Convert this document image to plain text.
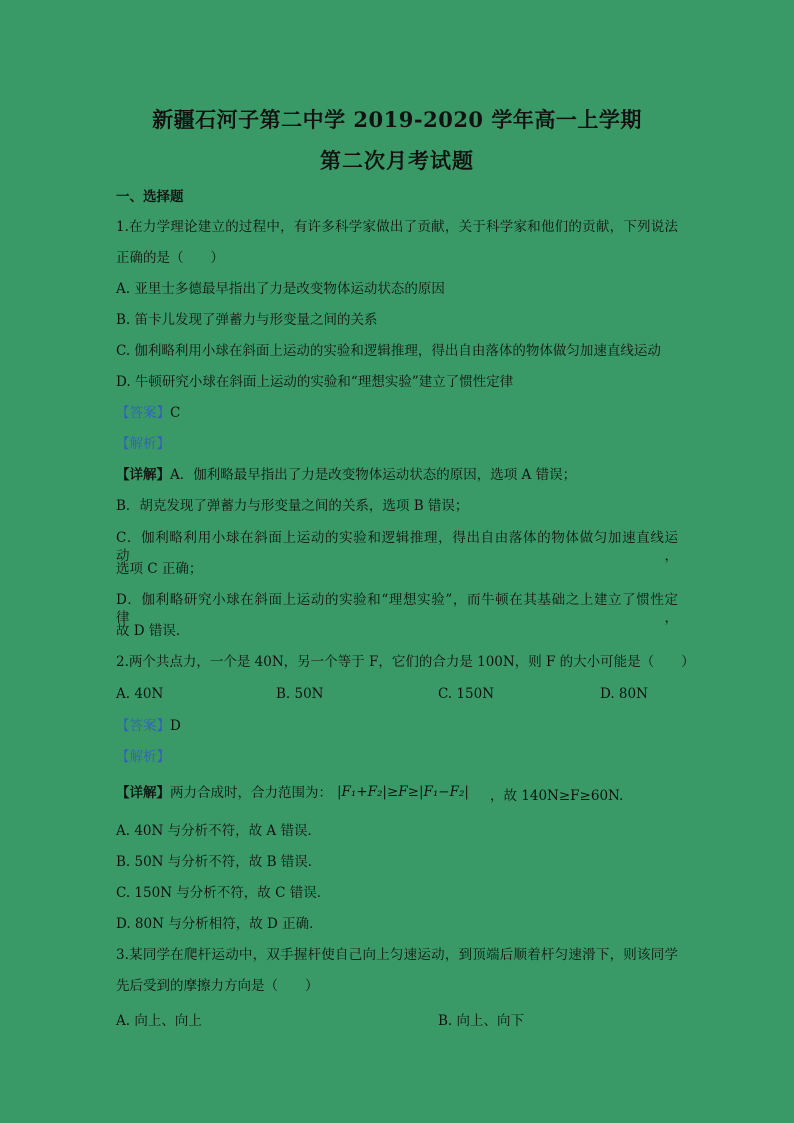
新疆石河子第二中学 2019-2020 学年高一上学期
第二次月考试题
一、选择题
1.在力学理论建立的过程中，有许多科学家做出了贡献，关于科学家和他们的贡献，下列说法
正确的是（　　）
A. 亚里士多德最早指出了力是改变物体运动状态的原因
B. 笛卡儿发现了弹蓄力与形变量之间的关系
C. 伽利略利用小球在斜面上运动的实验和逻辑推理，得出自由落体的物体做匀加速直线运动
D. 牛顿研究小球在斜面上运动的实验和“理想实验”建立了惯性定律
【答案】C
【解析】
【详解】A．伽利略最早指出了力是改变物体运动状态的原因，选项 A 错误；
B．胡克发现了弹蓄力与形变量之间的关系，选项 B 错误；
C．伽利略利用小球在斜面上运动的实验和逻辑推理，得出自由落体的物体做匀加速直线运动，
选项 C 正确；
D．伽利略研究小球在斜面上运动的实验和“理想实验”，而牛顿在其基础之上建立了惯性定律，
故 D 错误．
2.两个共点力，一个是 40N，另一个等于 F，它们的合力是 100N，则 F 的大小可能是（　　）
A. 40N	B. 50N	C. 150N	D. 80N
【答案】D
【解析】
【详解】两力合成时，合力范围为： |F₁+F₂|≥F≥|F₁−F₂| ，故 140N≥F≥60N.
A. 40N 与分析不符，故 A 错误．
B. 50N 与分析不符，故 B 错误．
C. 150N 与分析不符，故 C 错误．
D. 80N 与分析相符，故 D 正确．
3.某同学在爬杆运动中，双手握杆使自己向上匀速运动，到顶端后顺着杆匀速滑下，则该同学
先后受到的摩擦力方向是（　　）
A. 向上、向上	B. 向上、向下
